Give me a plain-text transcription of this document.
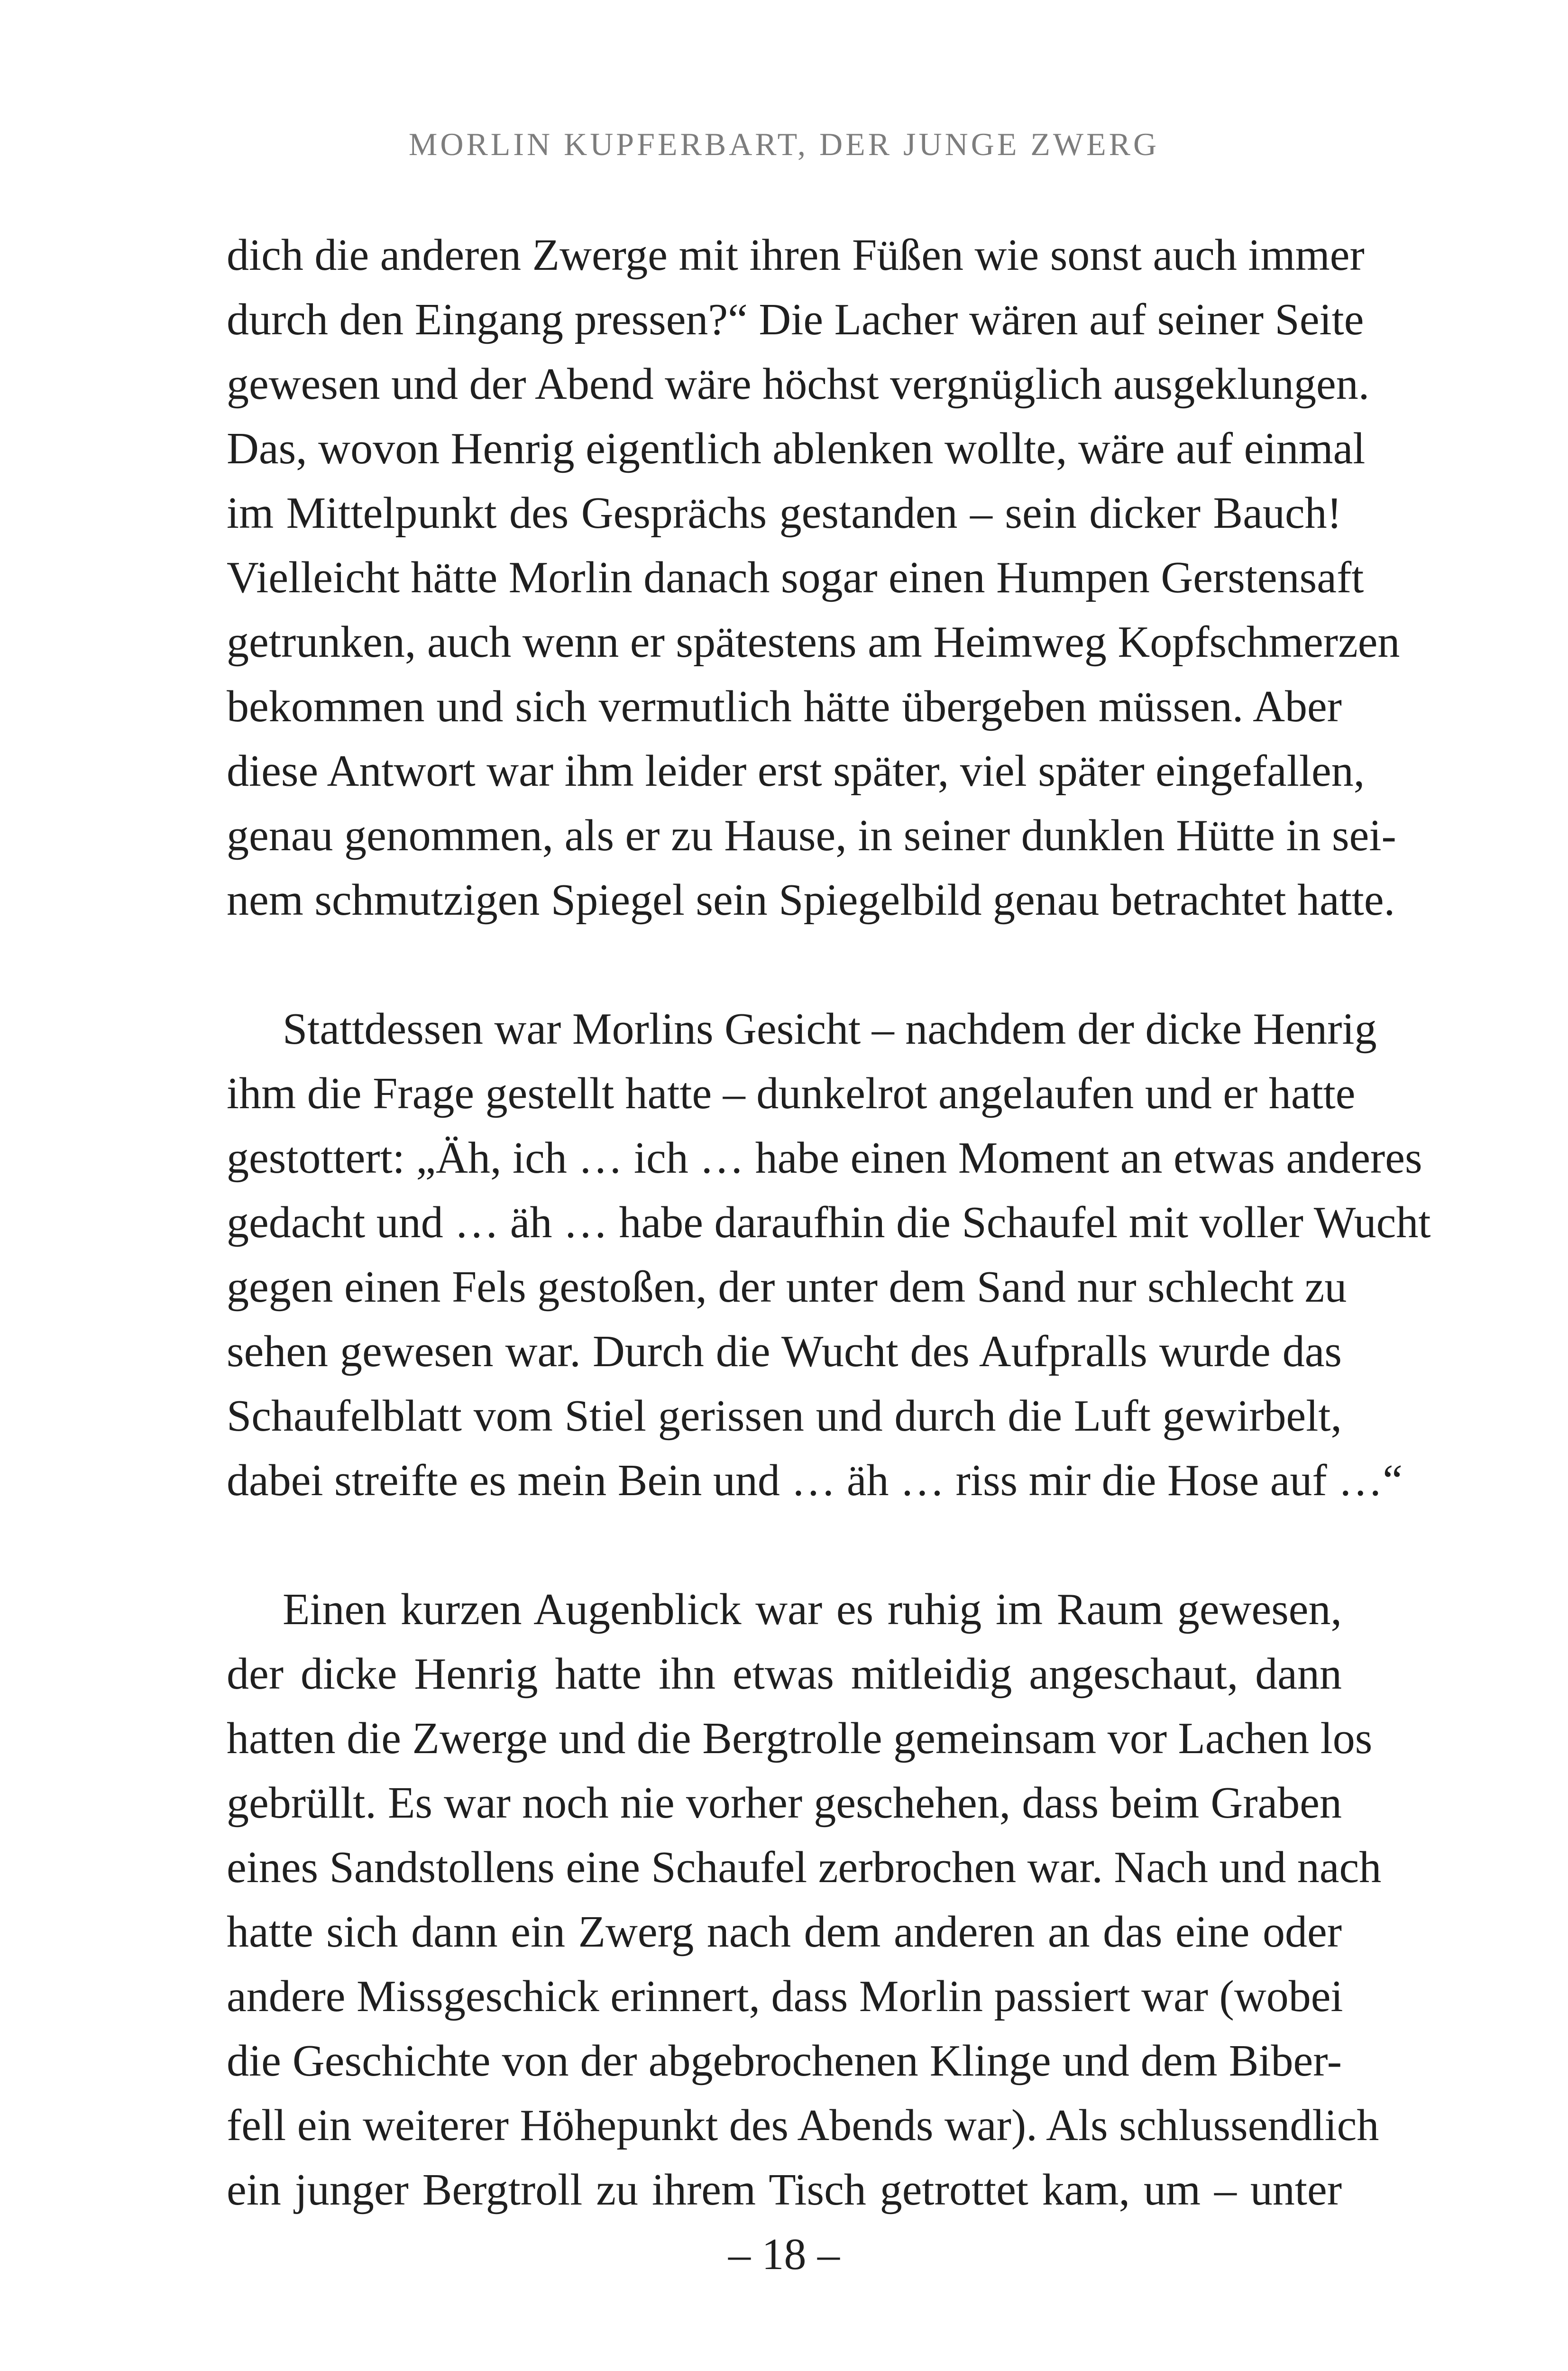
MORLIN KUPFERBART, DER JUNGE ZWERG
dich die anderen Zwerge mit ihren Füßen wie sonst auch immer
durch den Eingang pressen?“ Die Lacher wären auf seiner Seite
gewesen und der Abend wäre höchst vergnüglich ausgeklungen.
Das, wovon Henrig eigentlich ablenken wollte, wäre auf einmal
im Mittelpunkt des Gesprächs gestanden – sein dicker Bauch!
Vielleicht hätte Morlin danach sogar einen Humpen Gerstensaft
getrunken, auch wenn er spätestens am Heimweg Kopfschmerzen
bekommen und sich vermutlich hätte übergeben müssen. Aber
diese Antwort war ihm leider erst später, viel später eingefallen,
genau genommen, als er zu Hause, in seiner dunklen Hütte in sei-
nem schmutzigen Spiegel sein Spiegelbild genau betrachtet hatte.
Stattdessen war Morlins Gesicht – nachdem der dicke Henrig
ihm die Frage gestellt hatte – dunkelrot angelaufen und er hatte
gestottert: „Äh, ich … ich … habe einen Moment an etwas anderes
gedacht und … äh … habe daraufhin die Schaufel mit voller Wucht
gegen einen Fels gestoßen, der unter dem Sand nur schlecht zu
sehen gewesen war. Durch die Wucht des Aufpralls wurde das
Schaufelblatt vom Stiel gerissen und durch die Luft gewirbelt,
dabei streifte es mein Bein und … äh … riss mir die Hose auf …“
Einen kurzen Augenblick war es ruhig im Raum gewesen,
der dicke Henrig hatte ihn etwas mitleidig angeschaut, dann
hatten die Zwerge und die Bergtrolle gemeinsam vor Lachen los
gebrüllt. Es war noch nie vorher geschehen, dass beim Graben
eines Sandstollens eine Schaufel zerbrochen war. Nach und nach
hatte sich dann ein Zwerg nach dem anderen an das eine oder
andere Missgeschick erinnert, dass Morlin passiert war (wobei
die Geschichte von der abgebrochenen Klinge und dem Biber-
fell ein weiterer Höhepunkt des Abends war). Als schlussendlich
ein junger Bergtroll zu ihrem Tisch getrottet kam, um – unter
– 18 –
